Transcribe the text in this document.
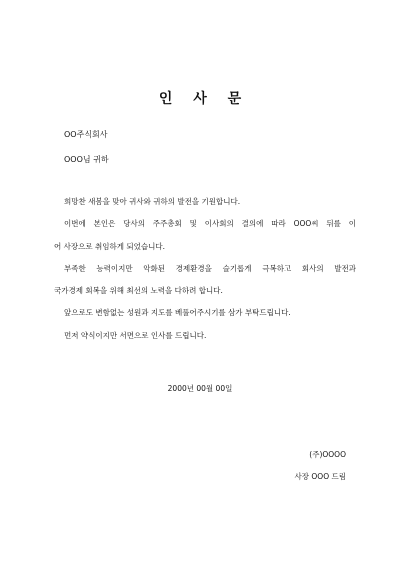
인 사 문
OO주식회사
OOO님 귀하

희망찬 새봄을 맞아 귀사와 귀하의 발전을 기원합니다.

이번에 본인은 당사의 주주총회 및 이사회의 결의에 따라 OOO씨 뒤를 이

어 사장으로 취임하게 되었습니다.

부족한 능력이지만 악화된 경제환경을 슬기롭게 극복하고 회사의 발전과

국가경제 회복을 위해 최선의 노력을 다하려 합니다.

앞으로도 변함없는 성원과 지도를 베풀어주시기를 삼가 부탁드립니다.

먼저 약식이지만 서면으로 인사를 드립니다.

2000년 00월 00일
(주)OOOO
사장 OOO 드림
